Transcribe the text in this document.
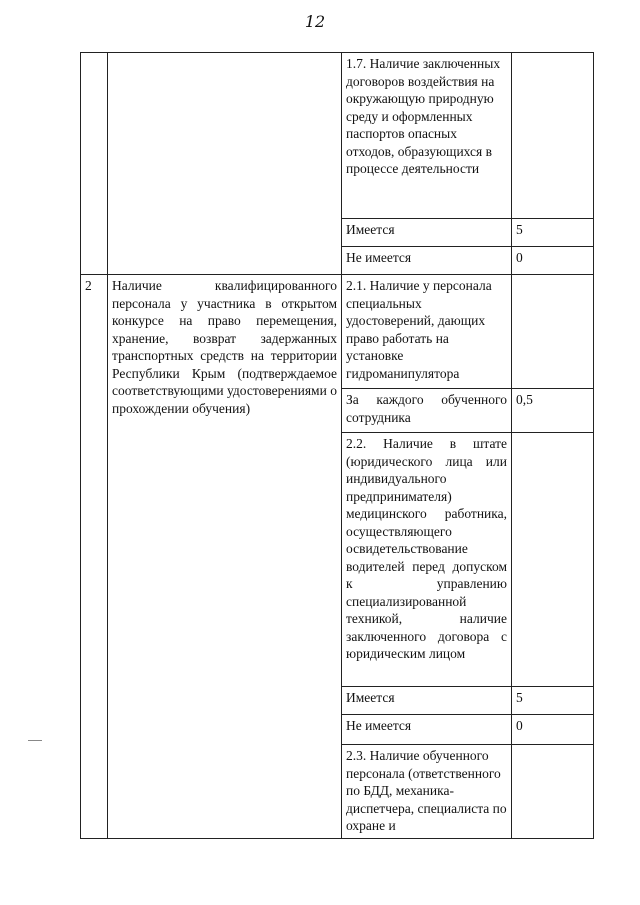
12
		1.7. Наличие заключенных договоров воздействия на окружающую природную среду и оформленных паспортов опасных отходов, образующихся в процессе деятельности	
		Имеется	5
		Не имеется	0
2	Наличие квалифицированного персонала у участника в открытом конкурсе на право перемещения, хранение, возврат задержанных транспортных средств на территории Республики Крым (подтверждаемое соответствующими удостоверениями о прохождении обучения)	2.1. Наличие у персонала специальных удостоверений, дающих право работать на установке гидроманипулятора	
		За каждого обученного сотрудника	0,5
		2.2. Наличие в штате (юридического лица или индивидуального предпринимателя) медицинского работника, осуществляющего освидетельствование водителей перед допуском к управлению специализированной техникой, наличие заключенного договора с юридическим лицом	
		Имеется	5
		Не имеется	0
		2.3. Наличие обученного персонала (ответственного по БДД, механика-диспетчера, специалиста по охране и	
